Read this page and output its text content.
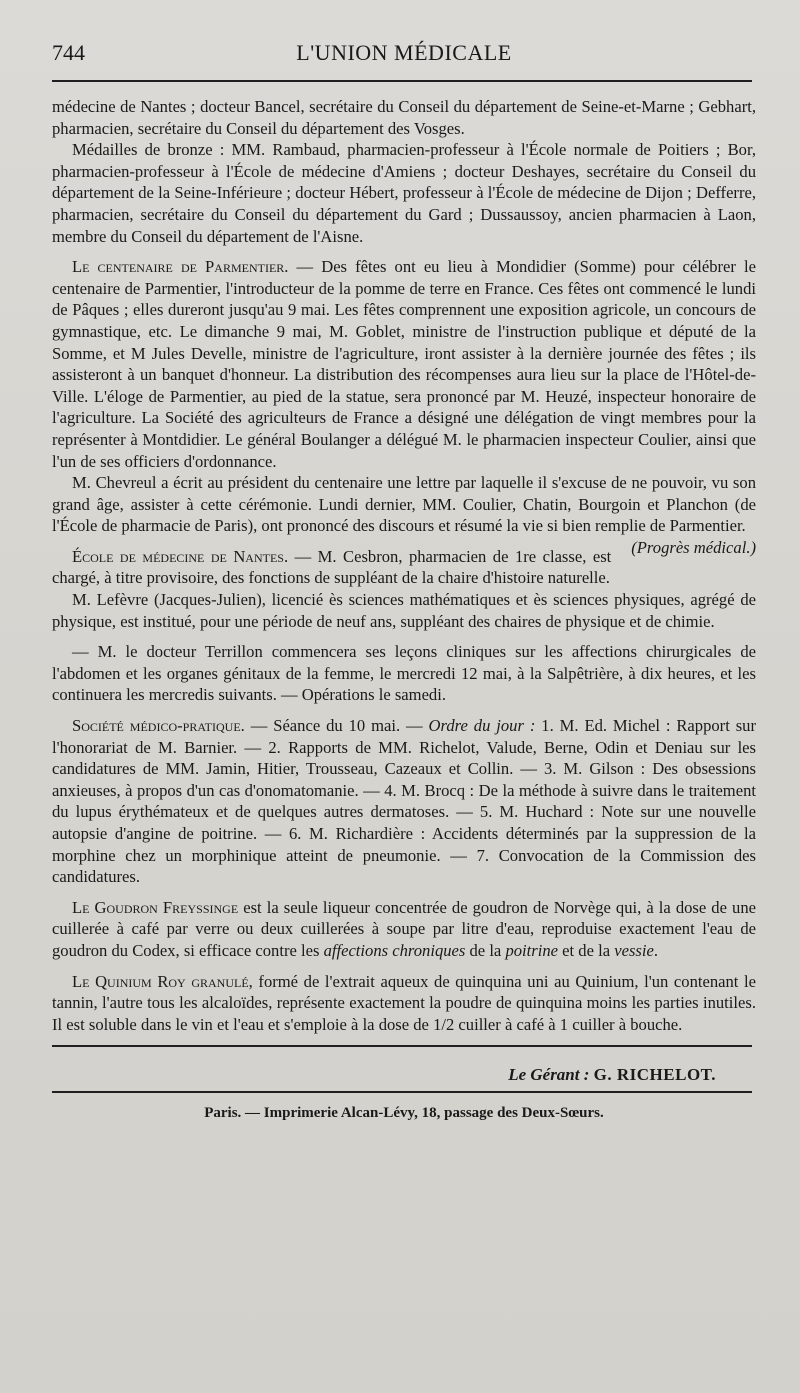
744	L'UNION MÉDICALE

médecine de Nantes ; docteur Bancel, secrétaire du Conseil du département de Seine-et-Marne ; Gebhart, pharmacien, secrétaire du Conseil du département des Vosges.

Médailles de bronze : MM. Rambaud, pharmacien-professeur à l'École normale de Poitiers ; Bor, pharmacien-professeur à l'École de médecine d'Amiens ; docteur Deshayes, secrétaire du Conseil du département de la Seine-Inférieure ; docteur Hébert, professeur à l'École de médecine de Dijon ; Defferre, pharmacien, secrétaire du Conseil du département du Gard ; Dussaussoy, ancien pharmacien à Laon, membre du Conseil du département de l'Aisne.

Le centenaire de Parmentier. — Des fêtes ont eu lieu à Mondidier (Somme) pour célébrer le centenaire de Parmentier, l'introducteur de la pomme de terre en France. Ces fêtes ont commencé le lundi de Pâques ; elles dureront jusqu'au 9 mai. Les fêtes comprennent une exposition agricole, un concours de gymnastique, etc. Le dimanche 9 mai, M. Goblet, ministre de l'instruction publique et député de la Somme, et M Jules Develle, ministre de l'agriculture, iront assister à la dernière journée des fêtes ; ils assisteront à un banquet d'honneur. La distribution des récompenses aura lieu sur la place de l'Hôtel-de-Ville. L'éloge de Parmentier, au pied de la statue, sera prononcé par M. Heuzé, inspecteur honoraire de l'agriculture. La Société des agriculteurs de France a désigné une délégation de vingt membres pour la représenter à Montdidier. Le général Boulanger a délégué M. le pharmacien inspecteur Coulier, ainsi que l'un de ses officiers d'ordonnance.

M. Chevreul a écrit au président du centenaire une lettre par laquelle il s'excuse de ne pouvoir, vu son grand âge, assister à cette cérémonie. Lundi dernier, MM. Coulier, Chatin, Bourgoin et Planchon (de l'École de pharmacie de Paris), ont prononcé des discours et résumé la vie si bien remplie de Parmentier.
(Progrès médical.)

École de médecine de Nantes. — M. Cesbron, pharmacien de 1re classe, est chargé, à titre provisoire, des fonctions de suppléant de la chaire d'histoire naturelle.

M. Lefèvre (Jacques-Julien), licencié ès sciences mathématiques et ès sciences physiques, agrégé de physique, est institué, pour une période de neuf ans, suppléant des chaires de physique et de chimie.

— M. le docteur Terrillon commencera ses leçons cliniques sur les affections chirurgicales de l'abdomen et les organes génitaux de la femme, le mercredi 12 mai, à la Salpêtrière, à dix heures, et les continuera les mercredis suivants. — Opérations le samedi.

Société médico-pratique. — Séance du 10 mai. — Ordre du jour : 1. M. Ed. Michel : Rapport sur l'honorariat de M. Barnier. — 2. Rapports de MM. Richelot, Valude, Berne, Odin et Deniau sur les candidatures de MM. Jamin, Hitier, Trousseau, Cazeaux et Collin. — 3. M. Gilson : Des obsessions anxieuses, à propos d'un cas d'onomatomanie. — 4. M. Brocq : De la méthode à suivre dans le traitement du lupus érythémateux et de quelques autres dermatoses. — 5. M. Huchard : Note sur une nouvelle autopsie d'angine de poitrine. — 6. M. Richardière : Accidents déterminés par la suppression de la morphine chez un morphinique atteint de pneumonie. — 7. Convocation de la Commission des candidatures.

Le Goudron Freyssinge est la seule liqueur concentrée de goudron de Norvège qui, à la dose de une cuillerée à café par verre ou deux cuillerées à soupe par litre d'eau, reproduise exactement l'eau de goudron du Codex, si efficace contre les affections chroniques de la poitrine et de la vessie.

Le Quinium Roy granulé, formé de l'extrait aqueux de quinquina uni au Quinium, l'un contenant le tannin, l'autre tous les alcaloïdes, représente exactement la poudre de quinquina moins les parties inutiles. Il est soluble dans le vin et l'eau et s'emploie à la dose de 1/2 cuiller à café à 1 cuiller à bouche.

Le Gérant : G. RICHELOT.
Paris. — Imprimerie Alcan-Lévy, 18, passage des Deux-Sœurs.
